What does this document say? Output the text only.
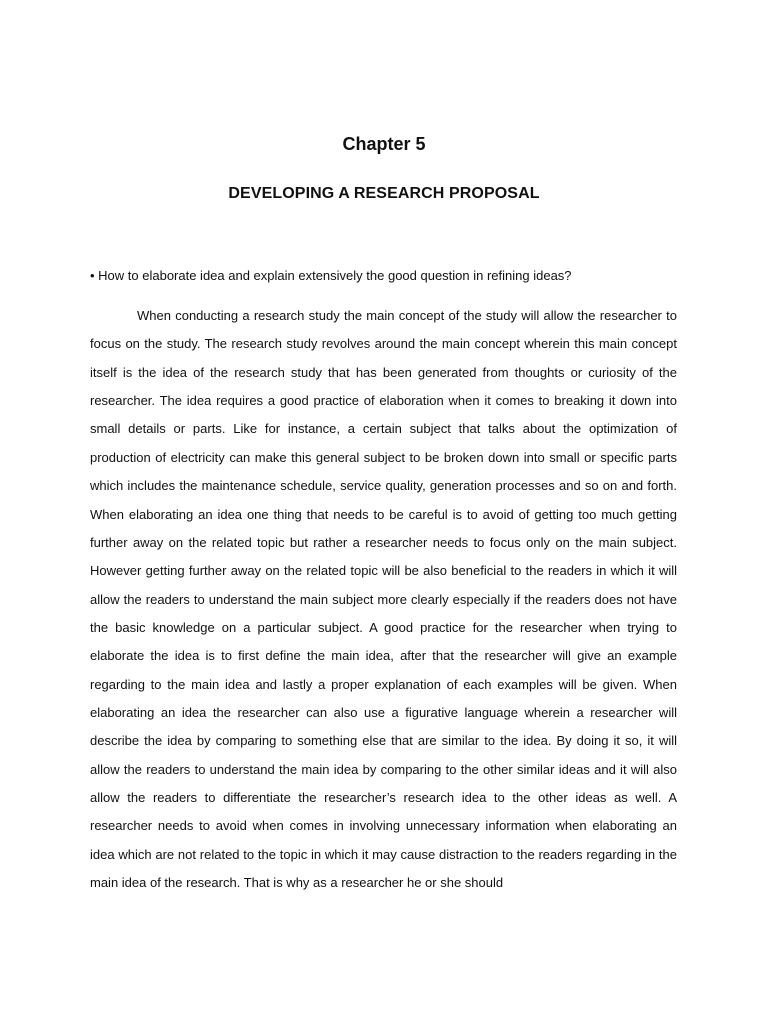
Chapter 5
DEVELOPING A RESEARCH PROPOSAL
• How to elaborate idea and explain extensively the good question in refining ideas?

When conducting a research study the main concept of the study will allow the researcher to focus on the study. The research study revolves around the main concept wherein this main concept itself is the idea of the research study that has been generated from thoughts or curiosity of the researcher. The idea requires a good practice of elaboration when it comes to breaking it down into small details or parts. Like for instance, a certain subject that talks about the optimization of production of electricity can make this general subject to be broken down into small or specific parts which includes the maintenance schedule, service quality, generation processes and so on and forth. When elaborating an idea one thing that needs to be careful is to avoid of getting too much getting further away on the related topic but rather a researcher needs to focus only on the main subject. However getting further away on the related topic will be also beneficial to the readers in which it will allow the readers to understand the main subject more clearly especially if the readers does not have the basic knowledge on a particular subject. A good practice for the researcher when trying to elaborate the idea is to first define the main idea, after that the researcher will give an example regarding to the main idea and lastly a proper explanation of each examples will be given. When elaborating an idea the researcher can also use a figurative language wherein a researcher will describe the idea by comparing to something else that are similar to the idea. By doing it so, it will allow the readers to understand the main idea by comparing to the other similar ideas and it will also allow the readers to differentiate the researcher’s research idea to the other ideas as well. A researcher needs to avoid when comes in involving unnecessary information when elaborating an idea which are not related to the topic in which it may cause distraction to the readers regarding in the main idea of the research. That is why as a researcher he or she should
